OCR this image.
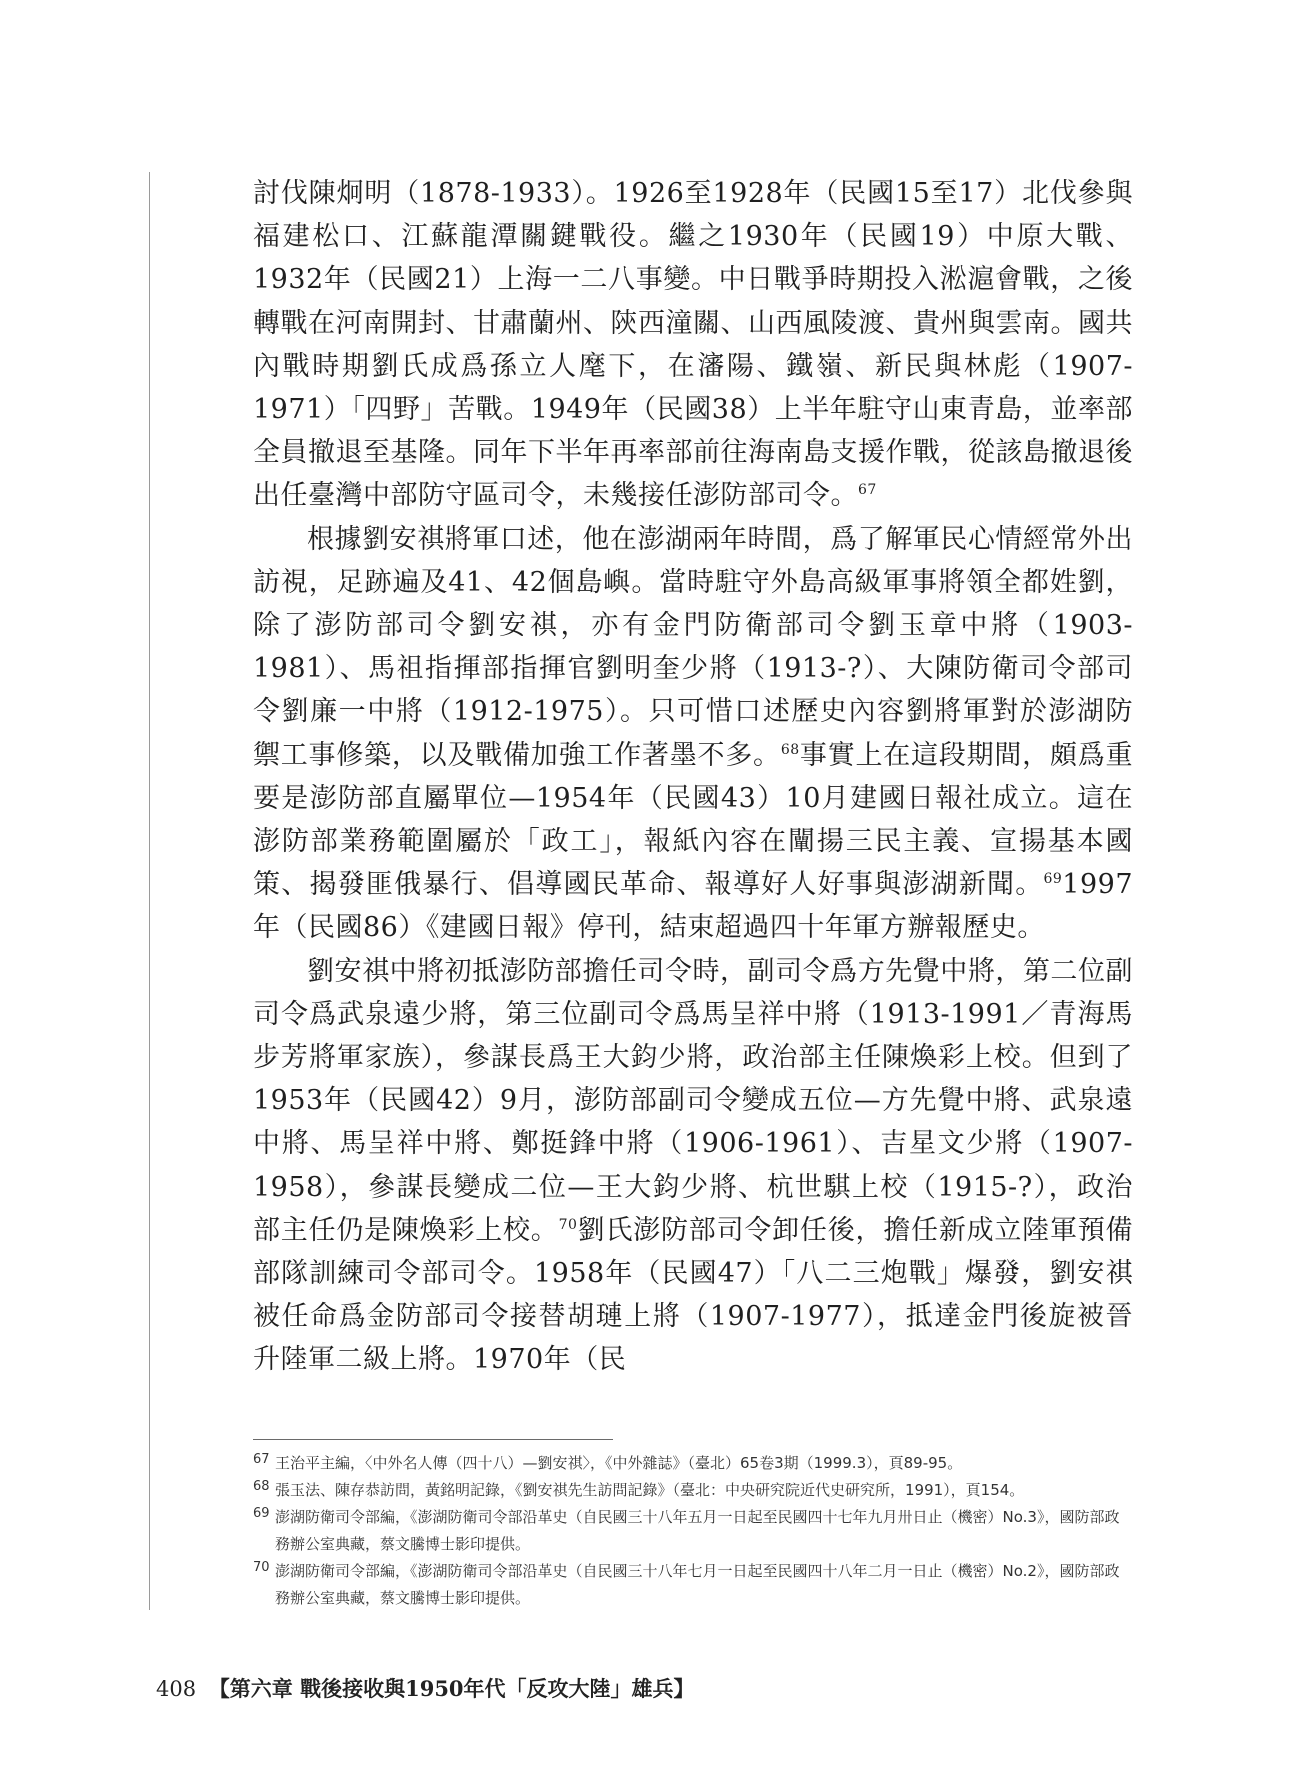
討伐陳炯明（1878-1933）。1926至1928年（民國15至17）北伐參與福建松口、江蘇龍潭關鍵戰役。繼之1930年（民國19）中原大戰、1932年（民國21）上海一二八事變。中日戰爭時期投入淞滬會戰，之後轉戰在河南開封、甘肅蘭州、陝西潼關、山西風陵渡、貴州與雲南。國共內戰時期劉氏成爲孫立人麾下，在瀋陽、鐵嶺、新民與林彪（1907-1971）「四野」苦戰。1949年（民國38）上半年駐守山東青島，並率部全員撤退至基隆。同年下半年再率部前往海南島支援作戰，從該島撤退後出任臺灣中部防守區司令，未幾接任澎防部司令。$^{67}$

根據劉安祺將軍口述，他在澎湖兩年時間，爲了解軍民心情經常外出訪視，足跡遍及41、42個島嶼。當時駐守外島高級軍事將領全都姓劉，除了澎防部司令劉安祺，亦有金門防衛部司令劉玉章中將（1903-1981）、馬祖指揮部指揮官劉明奎少將（1913-?）、大陳防衛司令部司令劉廉一中將（1912-1975）。只可惜口述歷史內容劉將軍對於澎湖防禦工事修築，以及戰備加強工作著墨不多。$^{68}$事實上在這段期間，頗爲重要是澎防部直屬單位—1954年（民國43）10月建國日報社成立。這在澎防部業務範圍屬於「政工」，報紙內容在闡揚三民主義、宣揚基本國策、揭發匪俄暴行、倡導國民革命、報導好人好事與澎湖新聞。$^{69}$1997年（民國86）《建國日報》停刊，結束超過四十年軍方辦報歷史。

劉安祺中將初抵澎防部擔任司令時，副司令爲方先覺中將，第二位副司令爲武泉遠少將，第三位副司令爲馬呈祥中將（1913-1991／青海馬步芳將軍家族），參謀長爲王大鈞少將，政治部主任陳煥彩上校。但到了1953年（民國42）9月，澎防部副司令變成五位—方先覺中將、武泉遠中將、馬呈祥中將、鄭挺鋒中將（1906-1961）、吉星文少將（1907-1958），參謀長變成二位—王大鈞少將、杭世騏上校（1915-?），政治部主任仍是陳煥彩上校。$^{70}$劉氏澎防部司令卸任後，擔任新成立陸軍預備部隊訓練司令部司令。1958年（民國47）「八二三炮戰」爆發，劉安祺被任命爲金防部司令接替胡璉上將（1907-1977），抵達金門後旋被晉升陸軍二級上將。1970年（民

67 王治平主編，〈中外名人傳（四十八）—劉安祺〉，《中外雜誌》（臺北）65卷3期（1999.3），頁89-95。
68 張玉法、陳存恭訪問，黃銘明記錄，《劉安祺先生訪問記錄》（臺北：中央研究院近代史研究所，1991），頁154。
69 澎湖防衛司令部編，《澎湖防衛司令部沿革史（自民國三十八年五月一日起至民國四十七年九月卅日止（機密）No.3》，國防部政務辦公室典藏，蔡文騰博士影印提供。
70 澎湖防衛司令部編，《澎湖防衛司令部沿革史（自民國三十八年七月一日起至民國四十八年二月一日止（機密）No.2》，國防部政務辦公室典藏，蔡文騰博士影印提供。
408 【第六章 戰後接收與1950年代「反攻大陸」雄兵】
